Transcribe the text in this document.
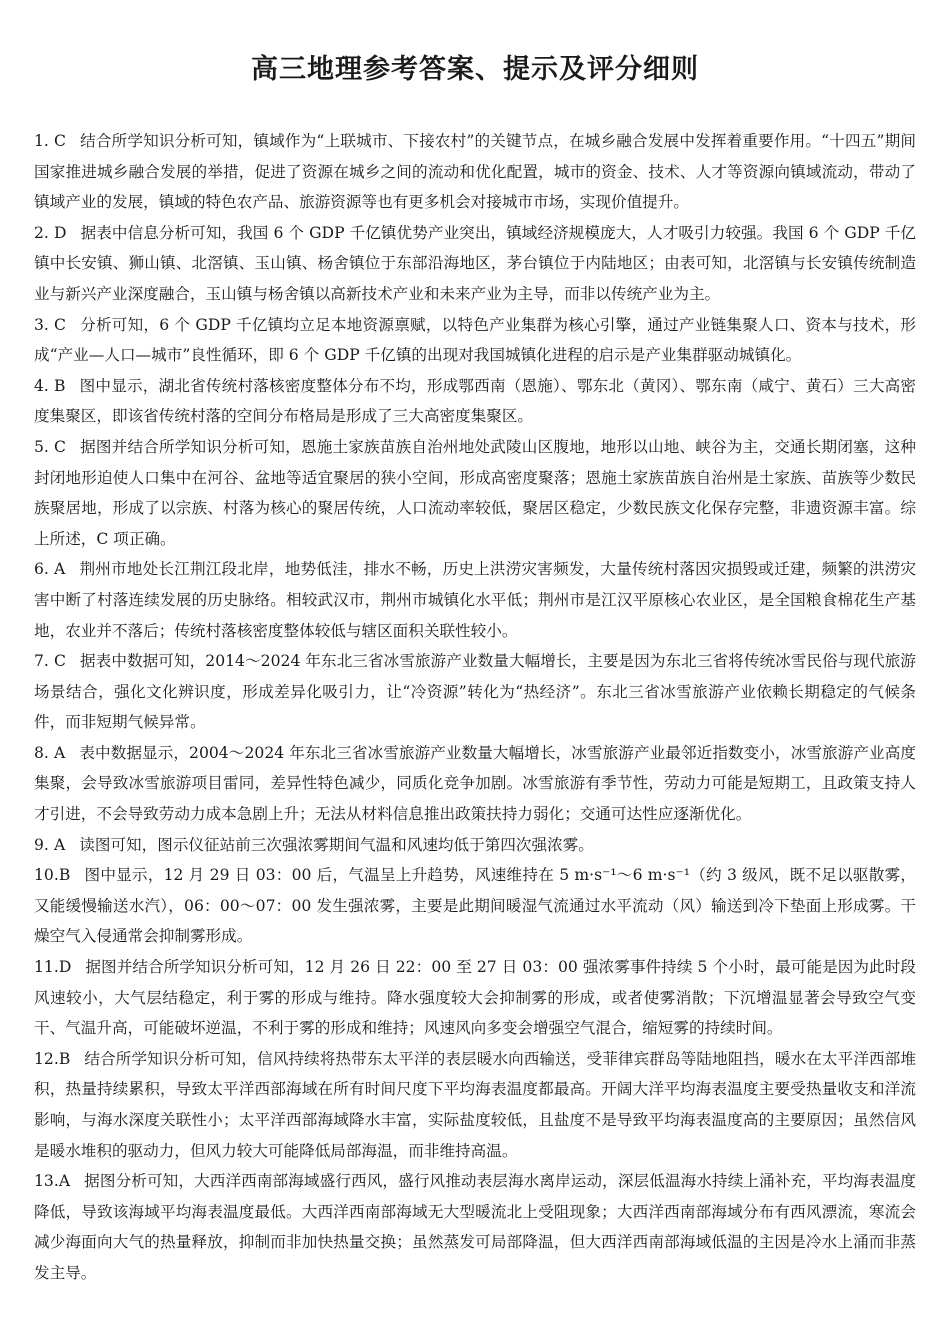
高三地理参考答案、提示及评分细则
1. C 结合所学知识分析可知，镇域作为“上联城市、下接农村”的关键节点，在城乡融合发展中发挥着重要作用。“十四五”期间国家推进城乡融合发展的举措，促进了资源在城乡之间的流动和优化配置，城市的资金、技术、人才等资源向镇域流动，带动了镇域产业的发展，镇域的特色农产品、旅游资源等也有更多机会对接城市市场，实现价值提升。
2. D 据表中信息分析可知，我国 6 个 GDP 千亿镇优势产业突出，镇域经济规模庞大，人才吸引力较强。我国 6 个 GDP 千亿镇中长安镇、狮山镇、北滘镇、玉山镇、杨舍镇位于东部沿海地区，茅台镇位于内陆地区；由表可知，北滘镇与长安镇传统制造业与新兴产业深度融合，玉山镇与杨舍镇以高新技术产业和未来产业为主导，而非以传统产业为主。
3. C 分析可知，6 个 GDP 千亿镇均立足本地资源禀赋，以特色产业集群为核心引擎，通过产业链集聚人口、资本与技术，形成“产业—人口—城市”良性循环，即 6 个 GDP 千亿镇的出现对我国城镇化进程的启示是产业集群驱动城镇化。
4. B 图中显示，湖北省传统村落核密度整体分布不均，形成鄂西南（恩施）、鄂东北（黄冈）、鄂东南（咸宁、黄石）三大高密度集聚区，即该省传统村落的空间分布格局是形成了三大高密度集聚区。
5. C 据图并结合所学知识分析可知，恩施土家族苗族自治州地处武陵山区腹地，地形以山地、峡谷为主，交通长期闭塞，这种封闭地形迫使人口集中在河谷、盆地等适宜聚居的狭小空间，形成高密度聚落；恩施土家族苗族自治州是土家族、苗族等少数民族聚居地，形成了以宗族、村落为核心的聚居传统，人口流动率较低，聚居区稳定，少数民族文化保存完整，非遗资源丰富。综上所述，C 项正确。
6. A 荆州市地处长江荆江段北岸，地势低洼，排水不畅，历史上洪涝灾害频发，大量传统村落因灾损毁或迁建，频繁的洪涝灾害中断了村落连续发展的历史脉络。相较武汉市，荆州市城镇化水平低；荆州市是江汉平原核心农业区，是全国粮食棉花生产基地，农业并不落后；传统村落核密度整体较低与辖区面积关联性较小。
7. C 据表中数据可知，2014～2024 年东北三省冰雪旅游产业数量大幅增长，主要是因为东北三省将传统冰雪民俗与现代旅游场景结合，强化文化辨识度，形成差异化吸引力，让“冷资源”转化为“热经济”。东北三省冰雪旅游产业依赖长期稳定的气候条件，而非短期气候异常。
8. A 表中数据显示，2004～2024 年东北三省冰雪旅游产业数量大幅增长，冰雪旅游产业最邻近指数变小，冰雪旅游产业高度集聚，会导致冰雪旅游项目雷同，差异性特色减少，同质化竞争加剧。冰雪旅游有季节性，劳动力可能是短期工，且政策支持人才引进，不会导致劳动力成本急剧上升；无法从材料信息推出政策扶持力弱化；交通可达性应逐渐优化。
9. A 读图可知，图示仪征站前三次强浓雾期间气温和风速均低于第四次强浓雾。
10.B 图中显示，12 月 29 日 03：00 后，气温呈上升趋势，风速维持在 5 m·s⁻¹～6 m·s⁻¹（约 3 级风，既不足以驱散雾，又能缓慢输送水汽），06：00～07：00 发生强浓雾，主要是此期间暖湿气流通过水平流动（风）输送到冷下垫面上形成雾。干燥空气入侵通常会抑制雾形成。
11.D 据图并结合所学知识分析可知，12 月 26 日 22：00 至 27 日 03：00 强浓雾事件持续 5 个小时，最可能是因为此时段风速较小，大气层结稳定，利于雾的形成与维持。降水强度较大会抑制雾的形成，或者使雾消散；下沉增温显著会导致空气变干、气温升高，可能破坏逆温，不利于雾的形成和维持；风速风向多变会增强空气混合，缩短雾的持续时间。
12.B 结合所学知识分析可知，信风持续将热带东太平洋的表层暖水向西输送，受菲律宾群岛等陆地阻挡，暖水在太平洋西部堆积，热量持续累积，导致太平洋西部海域在所有时间尺度下平均海表温度都最高。开阔大洋平均海表温度主要受热量收支和洋流影响，与海水深度关联性小；太平洋西部海域降水丰富，实际盐度较低，且盐度不是导致平均海表温度高的主要原因；虽然信风是暖水堆积的驱动力，但风力较大可能降低局部海温，而非维持高温。
13.A 据图分析可知，大西洋西南部海域盛行西风，盛行风推动表层海水离岸运动，深层低温海水持续上涌补充，平均海表温度降低，导致该海域平均海表温度最低。大西洋西南部海域无大型暖流北上受阻现象；大西洋西南部海域分布有西风漂流，寒流会减少海面向大气的热量释放，抑制而非加快热量交换；虽然蒸发可局部降温，但大西洋西南部海域低温的主因是冷水上涌而非蒸发主导。
